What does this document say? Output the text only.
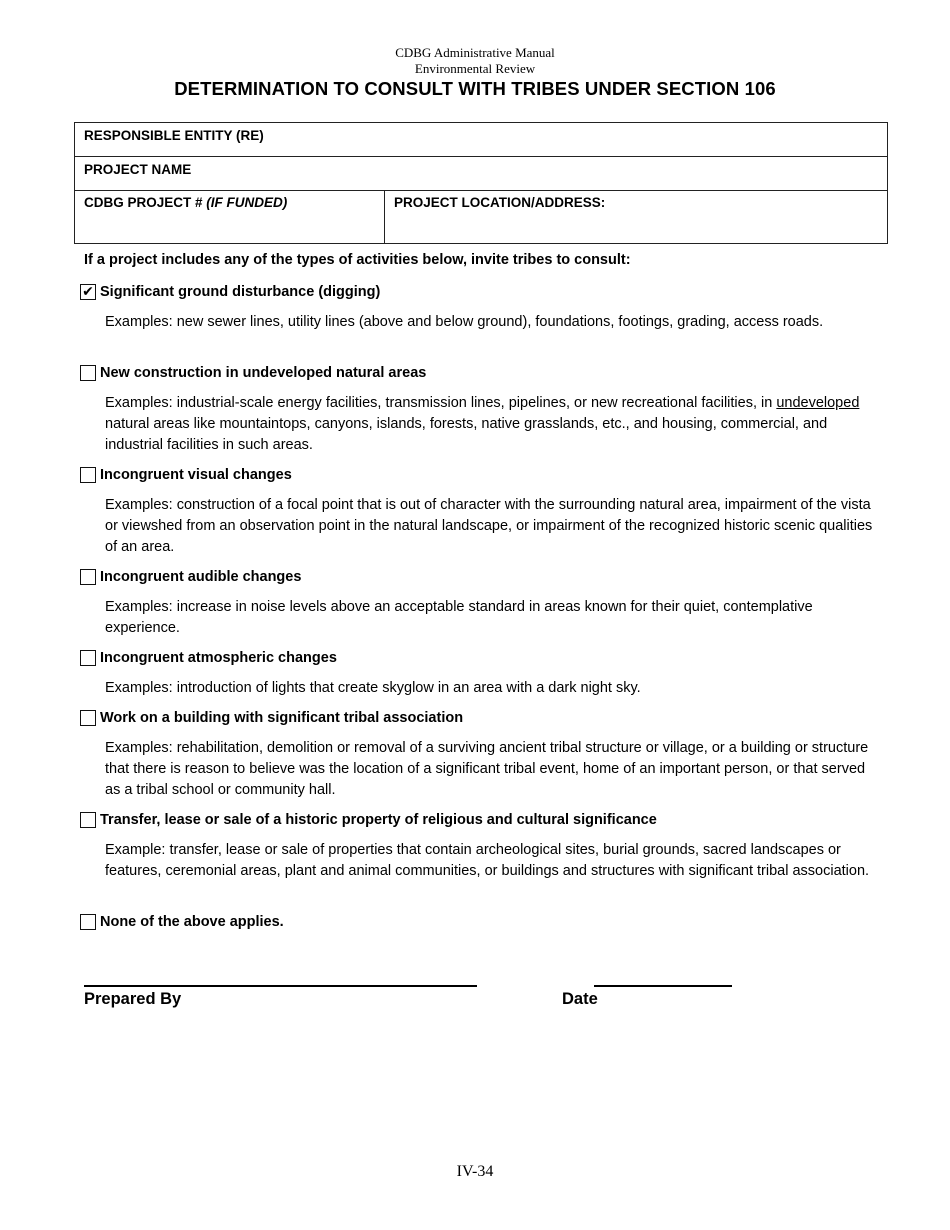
CDBG Administrative Manual
Environmental Review
DETERMINATION TO CONSULT WITH TRIBES UNDER SECTION 106
RESPONSIBLE ENTITY (RE)
PROJECT NAME
CDBG PROJECT # (IF FUNDED)	PROJECT LOCATION/ADDRESS:
If a project includes any of the types of activities below, invite tribes to consult:
✔ Significant ground disturbance (digging)
Examples: new sewer lines, utility lines (above and below ground), foundations, footings, grading, access roads.
New construction in undeveloped natural areas
Examples: industrial-scale energy facilities, transmission lines, pipelines, or new recreational facilities, in undeveloped natural areas like mountaintops, canyons, islands, forests, native grasslands, etc., and housing, commercial, and industrial facilities in such areas.
Incongruent visual changes
Examples: construction of a focal point that is out of character with the surrounding natural area, impairment of the vista or viewshed from an observation point in the natural landscape, or impairment of the recognized historic scenic qualities of an area.
Incongruent audible changes
Examples: increase in noise levels above an acceptable standard in areas known for their quiet, contemplative experience.
Incongruent atmospheric changes
Examples: introduction of lights that create skyglow in an area with a dark night sky.
Work on a building with significant tribal association
Examples: rehabilitation, demolition or removal of a surviving ancient tribal structure or village, or a building or structure that there is reason to believe was the location of a significant tribal event, home of an important person, or that served as a tribal school or community hall.
Transfer, lease or sale of a historic property of religious and cultural significance
Example: transfer, lease or sale of properties that contain archeological sites, burial grounds, sacred landscapes or features, ceremonial areas, plant and animal communities, or buildings and structures with significant tribal association.
None of the above applies.
Prepared By	Date
IV-34
